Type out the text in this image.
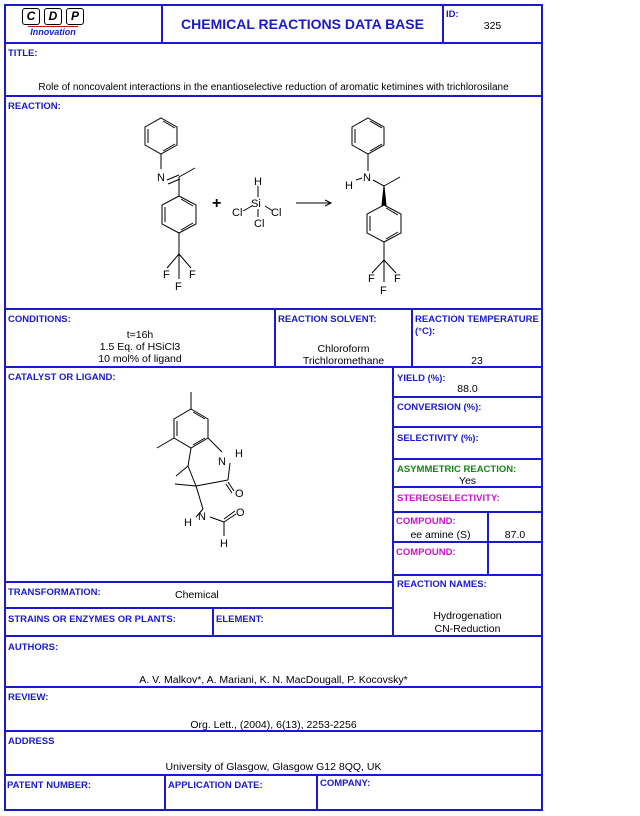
C	D	P
Innovation	CHEMICAL REACTIONS DATA BASE
ID:
325
TITLE:
Role of noncovalent interactions in the enantioselective reduction of aromatic ketimines with trichlorosilane
REACTION:
N
F F
F
+
H
Si
Cl	Cl
Cl
N
H
F F
F
CONDITIONS:
t=16h
1.5 Eq. of HSiCl3
10 mol% of ligand
REACTION SOLVENT:
Chloroform
Trichloromethane
REACTION TEMPERATURE (°C):
23
CATALYST OR LIGAND:
N
H
O
N
H
O
H
YIELD (%):
88.0
CONVERSION (%):
SELECTIVITY (%):
ASYMMETRIC REACTION:
Yes
STEREOSELECTIVITY:
COMPOUND:
ee amine (S)	87.0
COMPOUND:
REACTION NAMES:
Hydrogenation
CN-Reduction
TRANSFORMATION:	Chemical
STRAINS OR ENZYMES OR PLANTS:	ELEMENT:
AUTHORS:
A. V. Malkov*, A. Mariani, K. N. MacDougall, P. Kocovsky*
REVIEW:
Org. Lett., (2004), 6(13), 2253-2256
ADDRESS
University of Glasgow, Glasgow G12 8QQ, UK
PATENT NUMBER:	APPLICATION DATE:	COMPANY:
